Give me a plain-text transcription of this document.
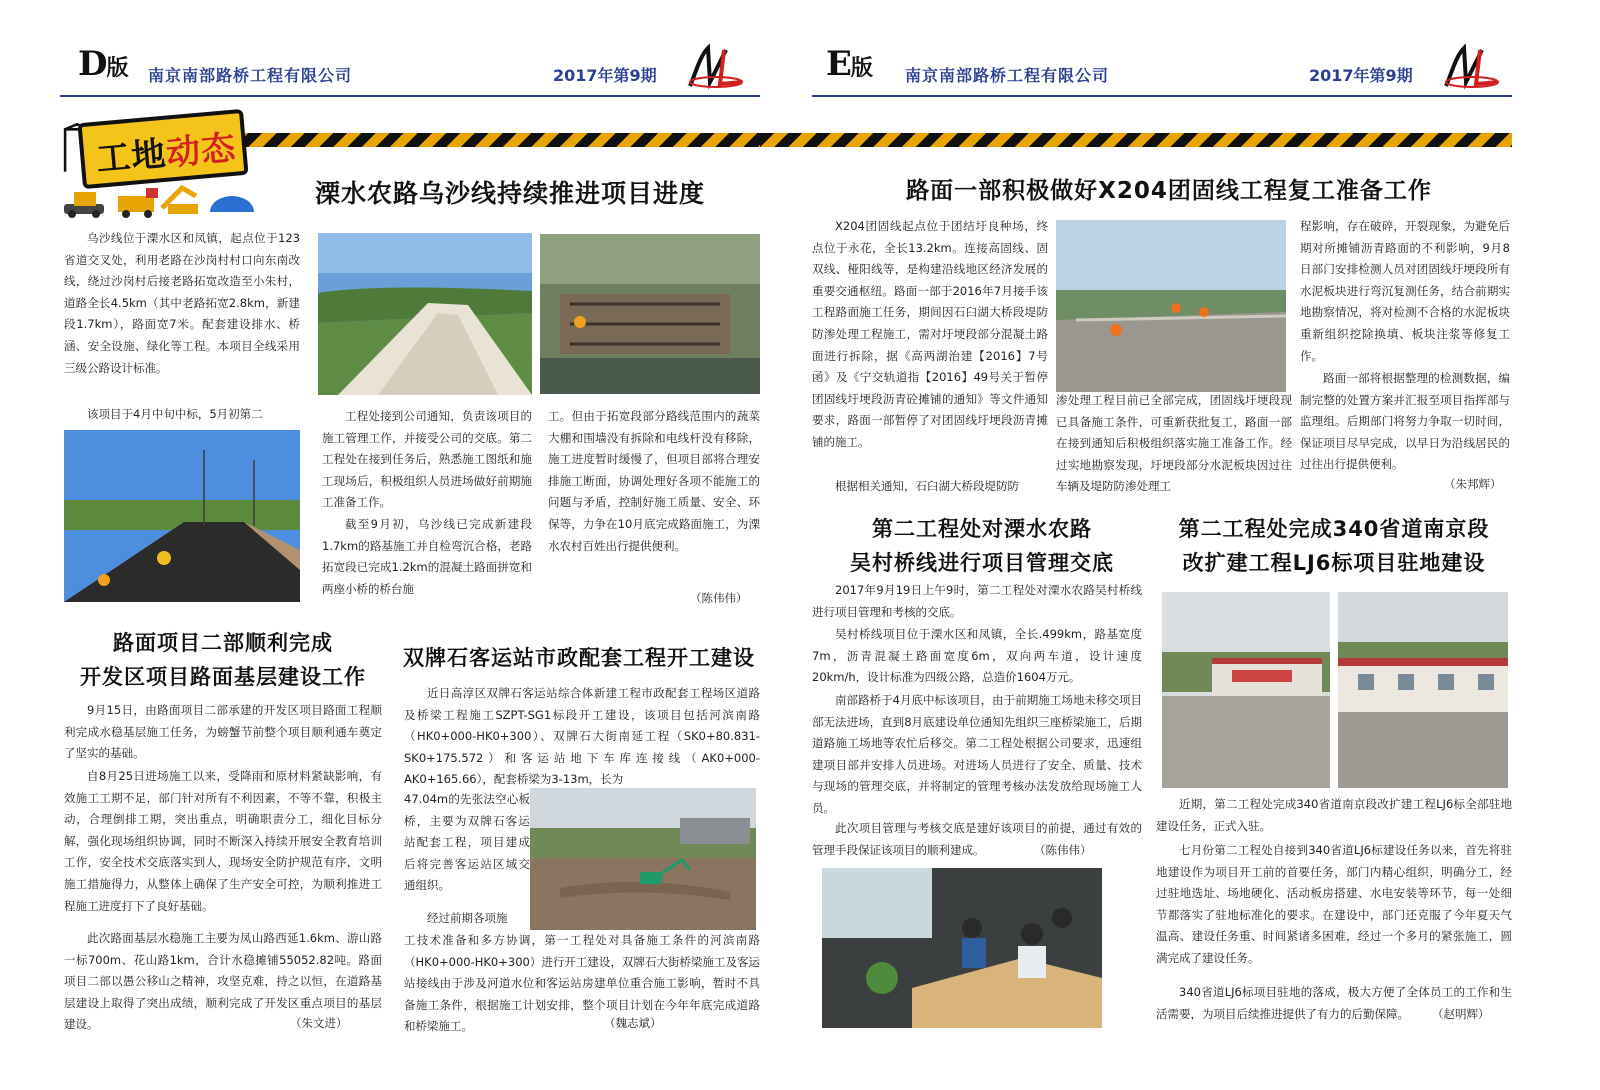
D版 南京南部路桥工程有限公司	2017年第9期	E版 南京南部路桥工程有限公司	2017年第9期
工地动态
溧水农路乌沙线持续推进项目进度

乌沙线位于溧水区和凤镇，起点位于123省道交叉处，利用老路在沙岗村村口向东南改线，绕过沙岗村后接老路拓宽改造至小朱村，道路全长4.5km（其中老路拓宽2.8km，新建段1.7km），路面宽7米。配套建设排水、桥涵、安全设施、绿化等工程。本项目全线采用三级公路设计标准。

该项目于4月中旬中标，5月初第二	工程处接到公司通知，负责该项目的施工管理工作，并接受公司的交底。第二工程处在接到任务后，熟悉施工图纸和施工现场后，积极组织人员进场做好前期施工准备工作。

截至9月初，乌沙线已完成新建段1.7km的路基施工并自检弯沉合格，老路拓宽段已完成1.2km的混凝土路面拼宽和两座小桥的桥台施

工。但由于拓宽段部分路线范围内的蔬菜大棚和围墙没有拆除和电线杆没有移除，施工进度暂时缓慢了，但项目部将合理安排施工断面，协调处理好各项不能施工的问题与矛盾，控制好施工质量、安全、环保等，力争在10月底完成路面施工，为溧水农村百姓出行提供便利。

（陈伟伟）
路面项目二部顺利完成
开发区项目路面基层建设工作

9月15日，由路面项目二部承建的开发区项目路面工程顺利完成水稳基层施工任务，为螃蟹节前整个项目顺利通车奠定了坚实的基础。

自8月25日进场施工以来，受降雨和原材料紧缺影响，有效施工工期不足，部门针对所有不利因素，不等不靠，积极主动，合理倒排工期，突出重点，明确职责分工，细化目标分解，强化现场组织协调，同时不断深入持续开展安全教育培训工作，安全技术交底落实到人，现场安全防护规范有序，文明施工措施得力，从整体上确保了生产安全可控，为顺利推进工程施工进度打下了良好基础。

此次路面基层水稳施工主要为凤山路西延1.6km、游山路一标700m、花山路1km，合计水稳摊铺55052.82吨。路面项目二部以愚公移山之精神，攻坚克难，持之以恒，在道路基层建设上取得了突出成绩，顺利完成了开发区重点项目的基层建设。	（朱文进）
双牌石客运站市政配套工程开工建设

近日高淳区双牌石客运站综合体新建工程市政配套工程场区道路及桥梁工程施工SZPT-SG1标段开工建设，该项目包括河滨南路（HK0+000-HK0+300）、双牌石大街南延工程（SK0+80.831-SK0+175.572）和客运站地下车库连接线（AK0+000-AK0+165.66），配套桥梁为3-13m，长为

47.04m的先张法空心板桥，主要为双牌石客运站配套工程，项目建成后将完善客运站区域交通组织。

经过前期各项施

工技术准备和多方协调，第一工程处对具备施工条件的河滨南路（HK0+000-HK0+300）进行开工建设，双牌石大街桥梁施工及客运站接线由于涉及河道水位和客运站房建单位重合施工影响，暂时不具备施工条件，根据施工计划安排，整个项目计划在今年年底完成道路和桥梁施工。	（魏志斌）
路面一部积极做好X204团固线工程复工准备工作

X204团固线起点位于团结圩良种场，终点位于永花，全长13.2km。连接高固线、固双线、桠阳线等，是构建沿线地区经济发展的重要交通枢纽。路面一部于2016年7月接手该工程路面施工任务，期间因石臼湖大桥段堤防防渗处理工程施工，需对圩埂段部分混凝土路面进行拆除，据《高两湖治建【2016】7号函》及《宁交轨道指【2016】49号关于暂停团固线圩埂段沥青砼摊铺的通知》等文件通知要求，路面一部暂停了对团固线圩埂段沥青摊铺的施工。

根据相关通知，石臼湖大桥段堤防防

渗处理工程目前已全部完成，团固线圩埂段现已具备施工条件，可重新获批复工，路面一部在接到通知后积极组织落实施工准备工作。经过实地勘察发现，圩埂段部分水泥板块因过往车辆及堤防防渗处理工

程影响，存在破碎，开裂现象，为避免后期对所摊铺沥青路面的不利影响，9月8日部门安排检测人员对团固线圩埂段所有水泥板块进行弯沉复测任务，结合前期实地勘察情况，将对检测不合格的水泥板块重新组织挖除换填、板块注浆等修复工作。

路面一部将根据整理的检测数据，编制完整的处置方案并汇报至项目指挥部与监理组。后期部门将努力争取一切时间，保证项目尽早完成，以早日为沿线居民的过往出行提供便利。

（朱邦辉）
第二工程处对溧水农路
吴村桥线进行项目管理交底

2017年9月19日上午9时，第二工程处对溧水农路吴村桥线进行项目管理和考核的交底。

吴村桥线项目位于溧水区和凤镇，全长.499km，路基宽度7m，沥青混凝土路面宽度6m，双向两车道，设计速度20km/h，设计标准为四级公路，总造价1604万元。

南部路桥于4月底中标该项目，由于前期施工场地未移交项目部无法进场，直到8月底建设单位通知先组织三座桥梁施工，后期道路施工场地等农忙后移交。第二工程处根据公司要求，迅速组建项目部并安排人员进场。对进场人员进行了安全、质量、技术与现场的管理交底，并将制定的管理考核办法发放给现场施工人员。

此次项目管理与考核交底是建好该项目的前提，通过有效的管理手段保证该项目的顺利建成。	（陈伟伟）
第二工程处完成340省道南京段
改扩建工程LJ6标项目驻地建设

近期，第二工程处完成340省道南京段改扩建工程LJ6标全部驻地建设任务，正式入驻。

七月份第二工程处自接到340省道LJ6标建设任务以来，首先将驻地建设作为项目开工前的首要任务，部门内精心组织，明确分工，经过驻地选址、场地硬化、活动板房搭建、水电安装等环节，每一处细节都落实了驻地标准化的要求。在建设中，部门还克服了今年夏天气温高、建设任务重、时间紧诸多困难，经过一个多月的紧张施工，圆满完成了建设任务。

340省道LJ6标项目驻地的落成，极大方便了全体员工的工作和生活需要，为项目后续推进提供了有力的后勤保障。	（赵明辉）
